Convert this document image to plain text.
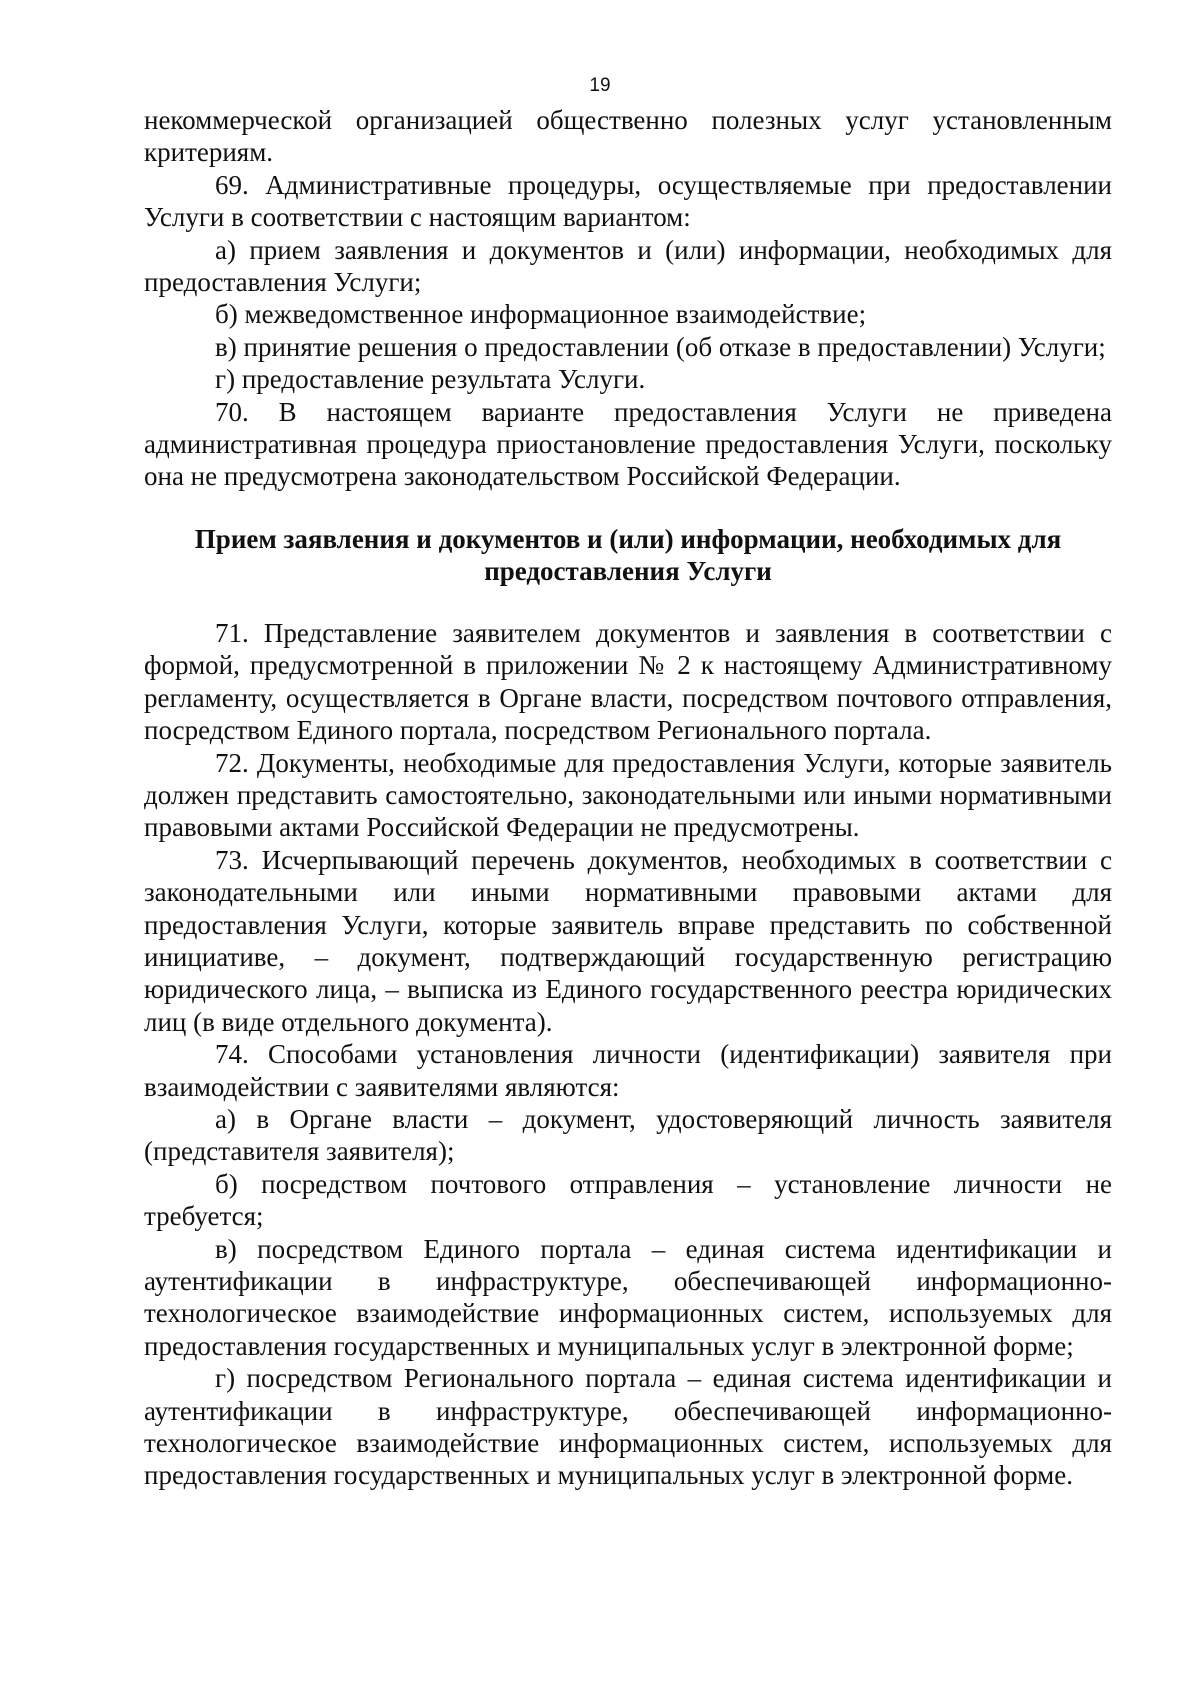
19

некоммерческой организацией общественно полезных услуг установленным критериям.

69. Административные процедуры, осуществляемые при предоставлении Услуги в соответствии с настоящим вариантом:

а) прием заявления и документов и (или) информации, необходимых для предоставления Услуги;

б) межведомственное информационное взаимодействие;

в) принятие решения о предоставлении (об отказе в предоставлении) Услуги;

г) предоставление результата Услуги.

70. В настоящем варианте предоставления Услуги не приведена административная процедура приостановление предоставления Услуги, поскольку она не предусмотрена законодательством Российской Федерации.

Прием заявления и документов и (или) информации, необходимых для предоставления Услуги

71. Представление заявителем документов и заявления в соответствии с формой, предусмотренной в приложении № 2 к настоящему Административному регламенту, осуществляется в Органе власти, посредством почтового отправления, посредством Единого портала, посредством Регионального портала.

72. Документы, необходимые для предоставления Услуги, которые заявитель должен представить самостоятельно, законодательными или иными нормативными правовыми актами Российской Федерации не предусмотрены.

73. Исчерпывающий перечень документов, необходимых в соответствии с законодательными или иными нормативными правовыми актами для предоставления Услуги, которые заявитель вправе представить по собственной инициативе, – документ, подтверждающий государственную регистрацию юридического лица, – выписка из Единого государственного реестра юридических лиц (в виде отдельного документа).

74. Способами установления личности (идентификации) заявителя при взаимодействии с заявителями являются:

а) в Органе власти – документ, удостоверяющий личность заявителя (представителя заявителя);

б) посредством почтового отправления – установление личности не требуется;

в) посредством Единого портала – единая система идентификации и аутентификации в инфраструктуре, обеспечивающей информационно-технологическое взаимодействие информационных систем, используемых для предоставления государственных и муниципальных услуг в электронной форме;

г) посредством Регионального портала – единая система идентификации и аутентификации в инфраструктуре, обеспечивающей информационно-технологическое взаимодействие информационных систем, используемых для предоставления государственных и муниципальных услуг в электронной форме.
